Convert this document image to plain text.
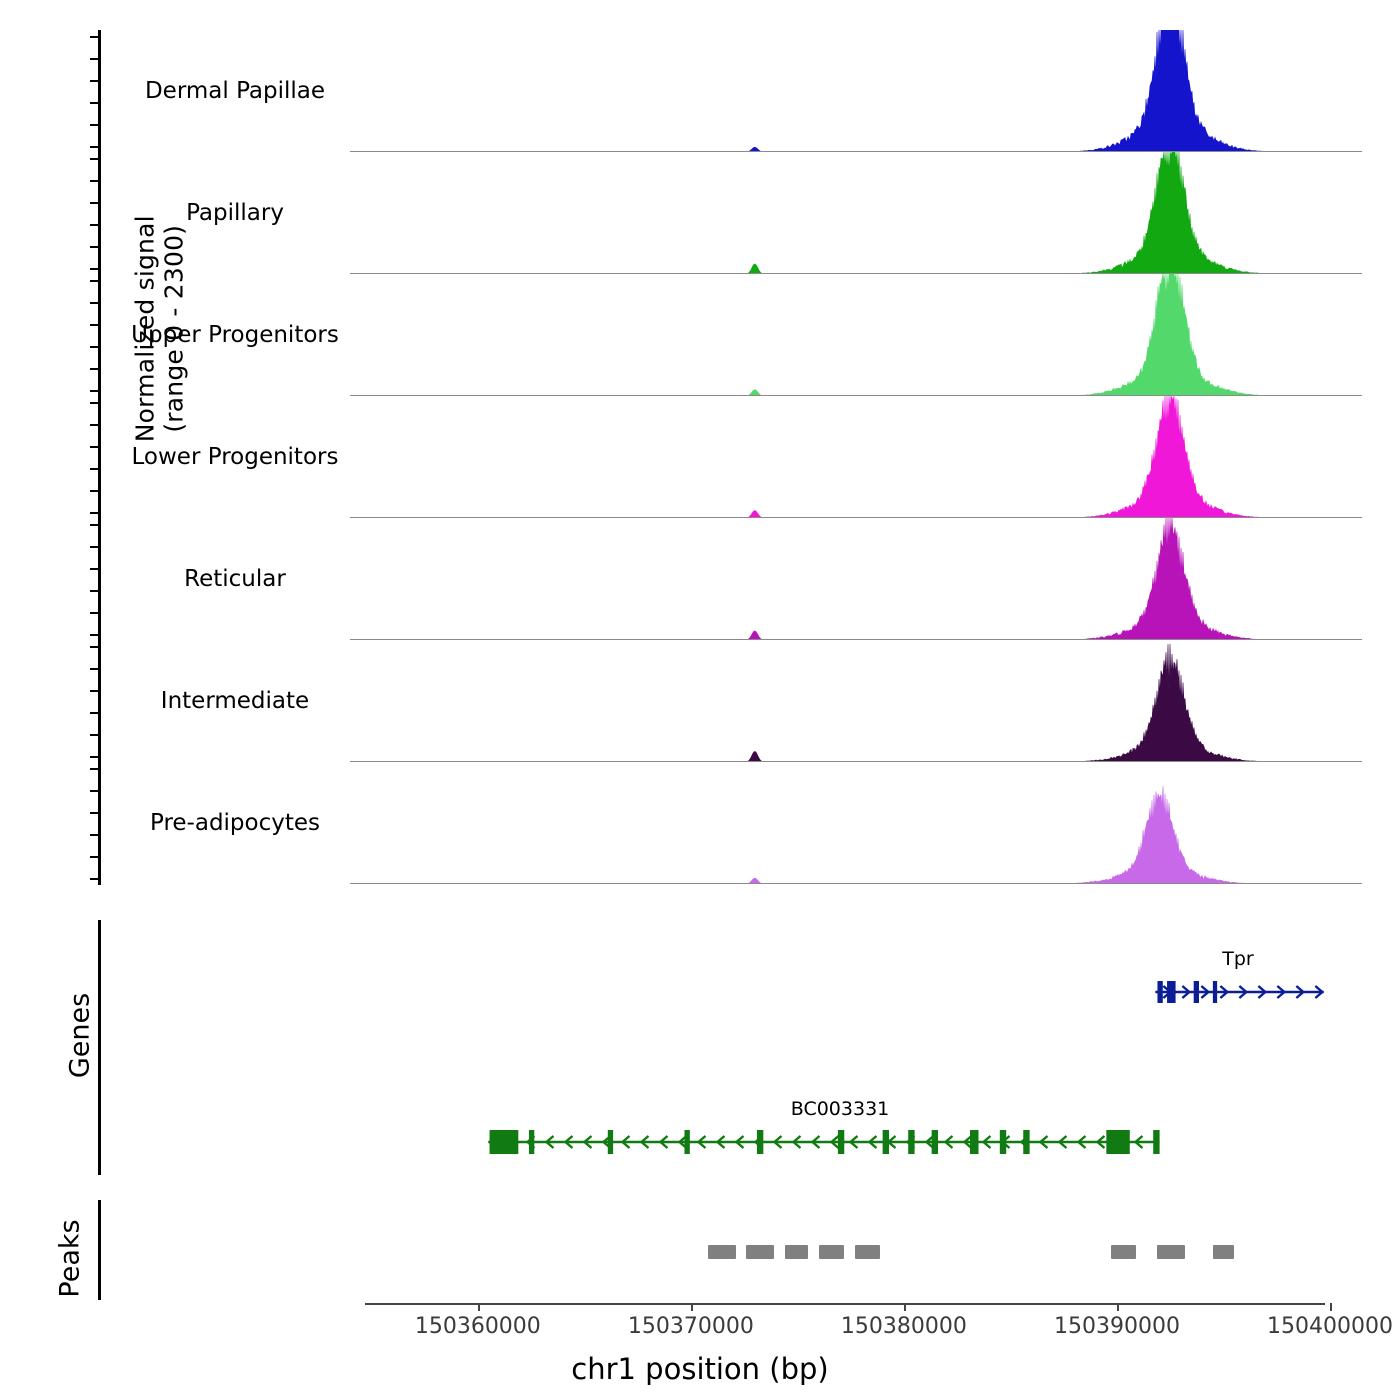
Normalized signal
(range 0 - 2300)
Dermal Papillae
Papillary
Upper Progenitors
Lower Progenitors
Reticular
Intermediate
Pre-adipocytes
Genes
Tpr
BC003331
Peaks
150360000	150370000	150380000	150390000	150400000
chr1 position (bp)
